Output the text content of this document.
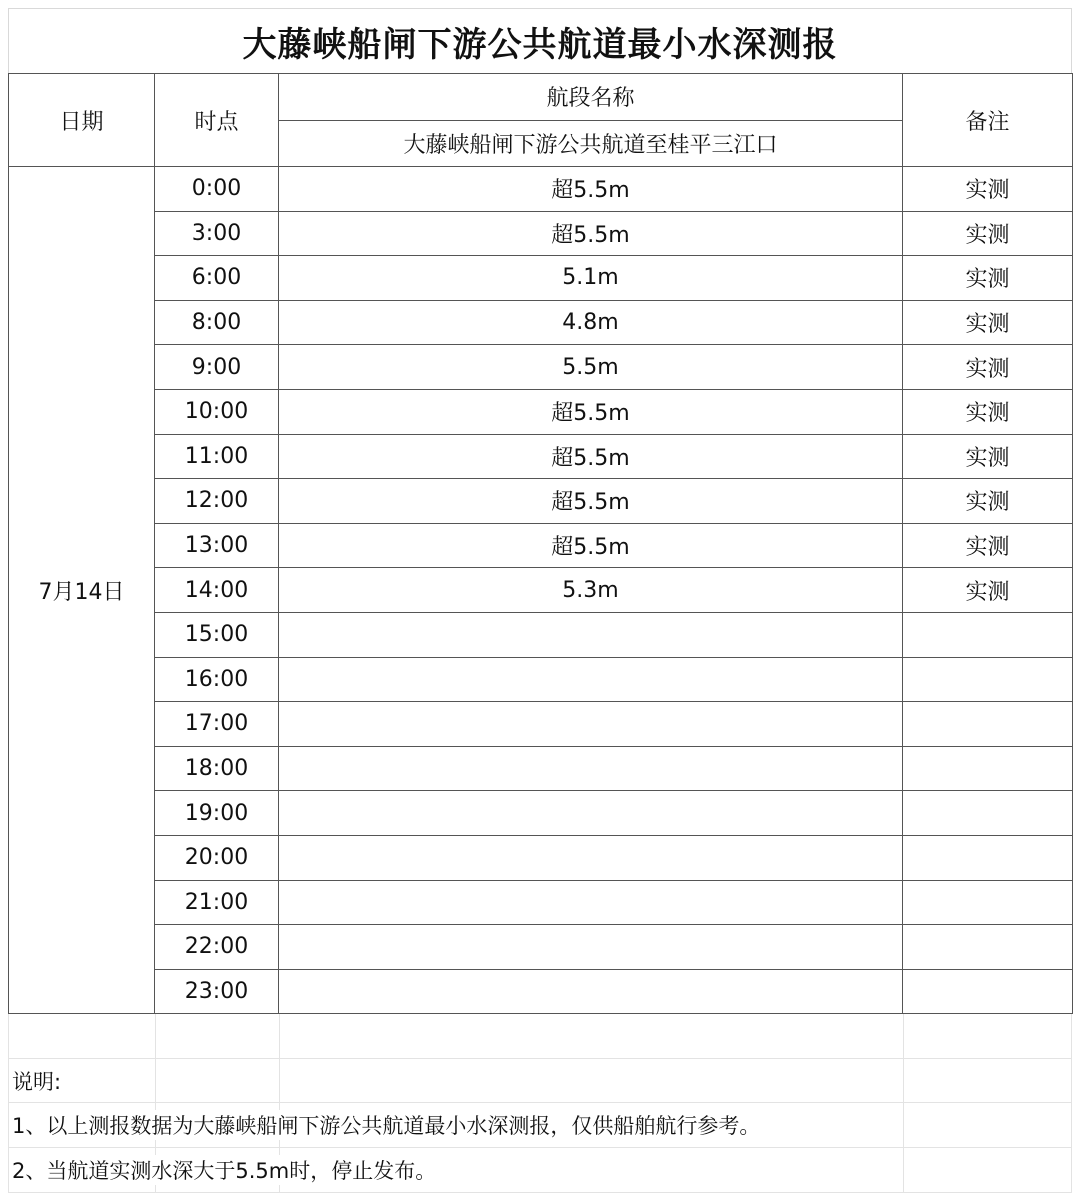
大藤峡船闸下游公共航道最小水深测报
日期	时点	航段名称	备注
		大藤峡船闸下游公共航道至桂平三江口	
7月14日	0:00	超5.5m	实测
	3:00	超5.5m	实测
	6:00	5.1m	实测
	8:00	4.8m	实测
	9:00	5.5m	实测
	10:00	超5.5m	实测
	11:00	超5.5m	实测
	12:00	超5.5m	实测
	13:00	超5.5m	实测
	14:00	5.3m	实测
	15:00		
	16:00		
	17:00		
	18:00		
	19:00		
	20:00		
	21:00		
	22:00		
	23:00		
说明:
1、以上测报数据为大藤峡船闸下游公共航道最小水深测报，仅供船舶航行参考。
2、当航道实测水深大于5.5m时，停止发布。
